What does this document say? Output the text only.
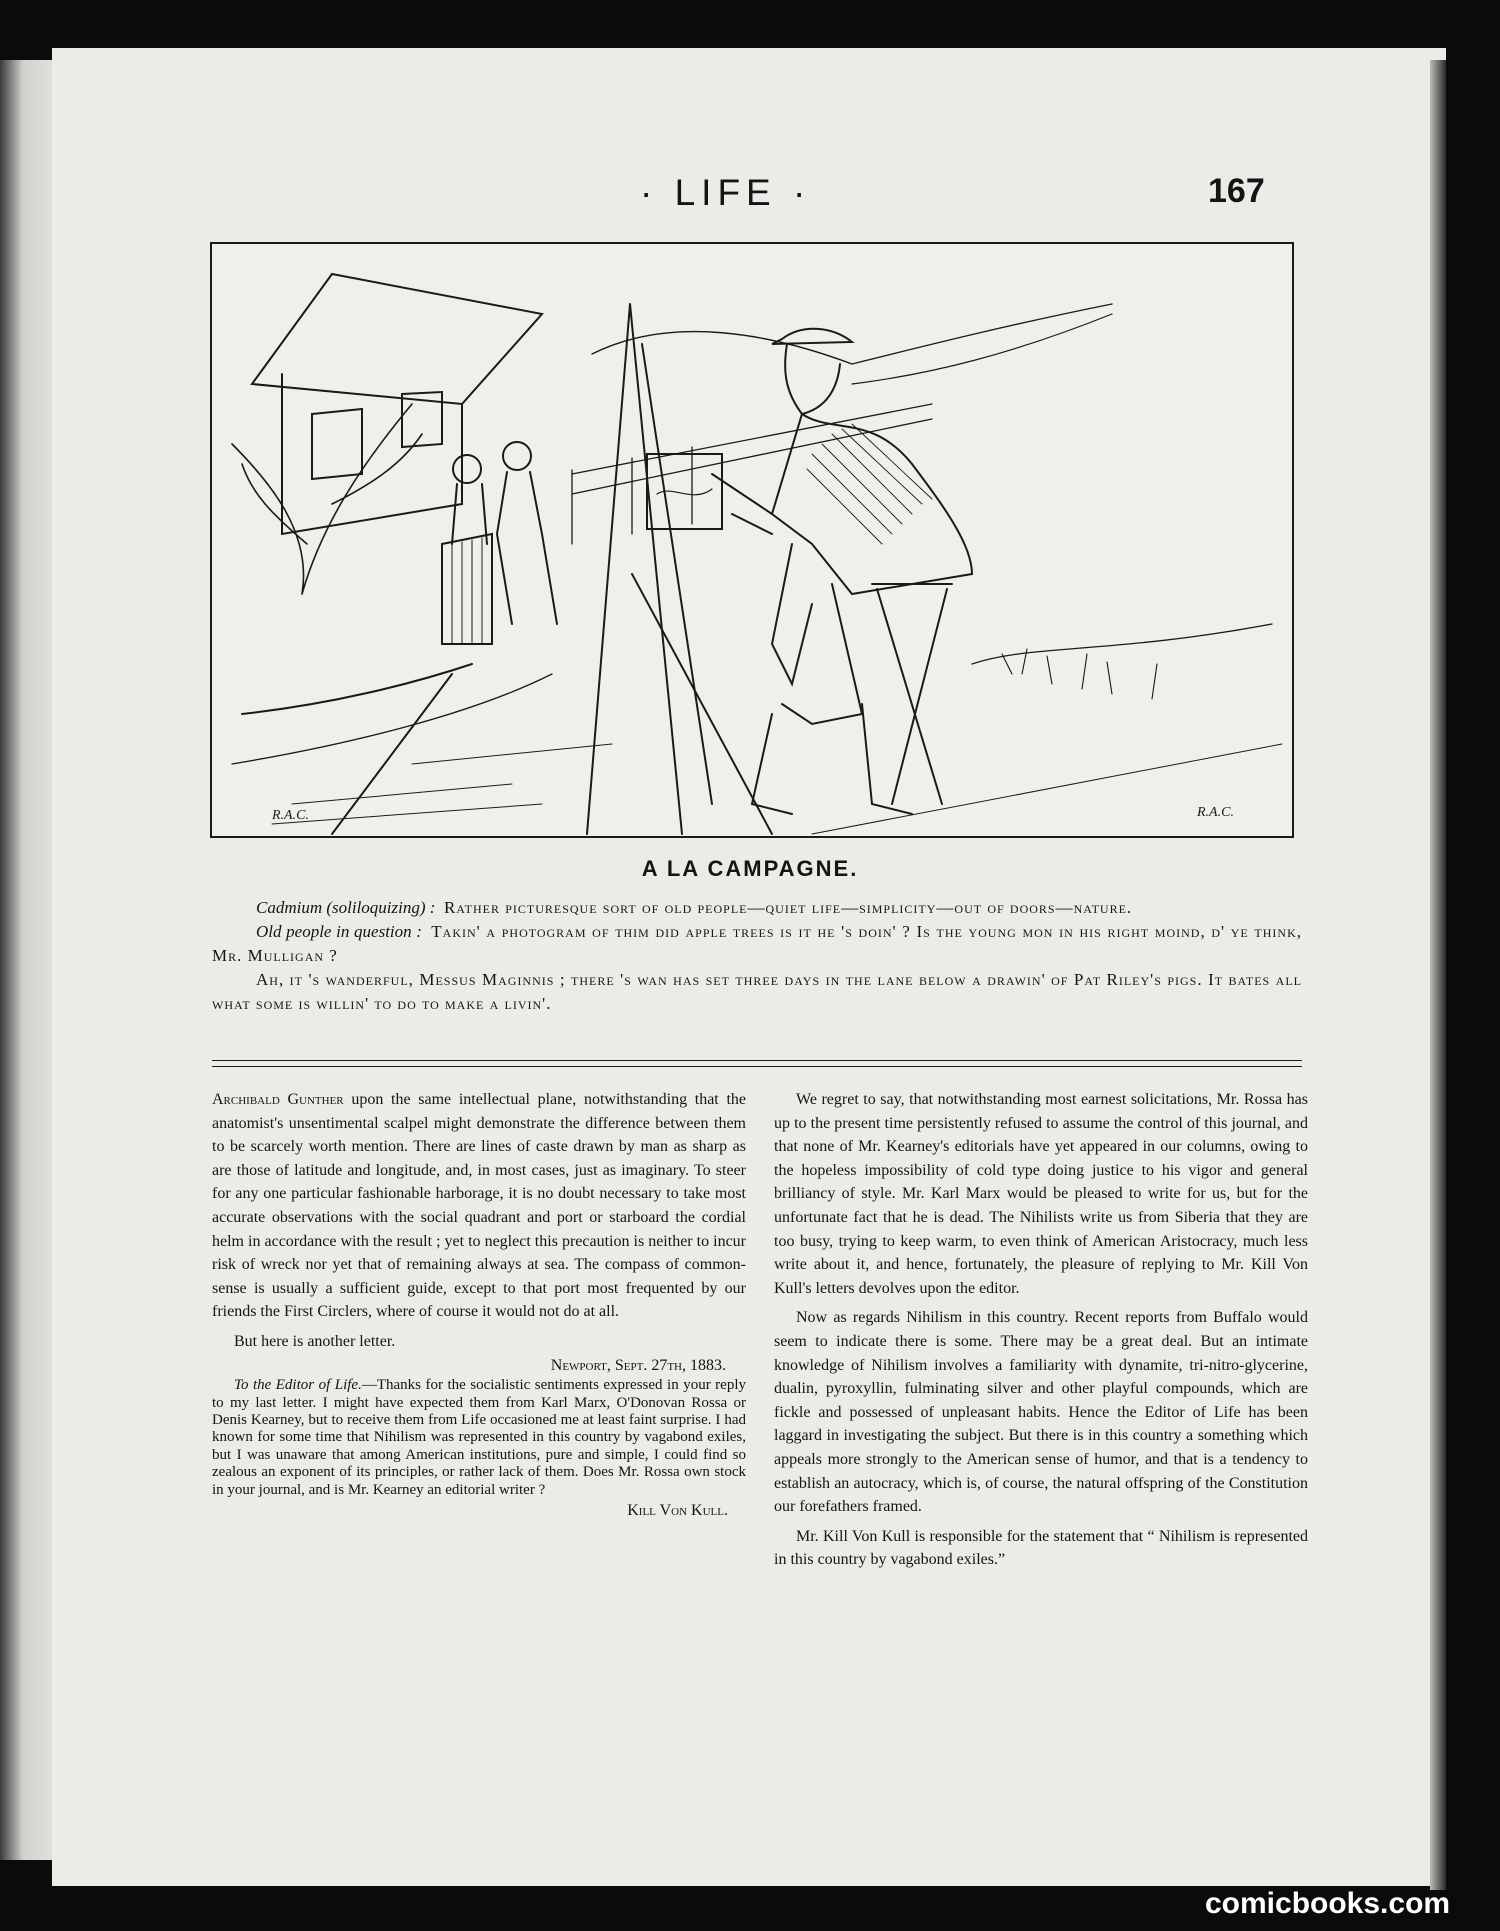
· LIFE ·	167
R.A.C.	R.A.C.
A LA CAMPAGNE.

Cadmium (soliloquizing) : Rather picturesque sort of old people—quiet life—simplicity—out of doors—nature.

Old people in question : Takin' a photogram of thim did apple trees is it he 's doin' ? Is the young mon in his right moind, d' ye think, Mr. Mulligan ?

Ah, it 's wanderful, Messus Maginnis ; there 's wan has set three days in the lane below a drawin' of Pat Riley's pigs. It bates all what some is willin' to do to make a livin'.

Archibald Gunther upon the same intellectual plane, notwithstanding that the anatomist's unsentimental scalpel might demonstrate the difference between them to be scarcely worth mention. There are lines of caste drawn by man as sharp as are those of latitude and longitude, and, in most cases, just as imaginary. To steer for any one particular fashionable harborage, it is no doubt necessary to take most accurate observations with the social quadrant and port or starboard the cordial helm in accordance with the result ; yet to neglect this precaution is neither to incur risk of wreck nor yet that of remaining always at sea. The compass of common-sense is usually a sufficient guide, except to that port most frequented by our friends the First Circlers, where of course it would not do at all.

But here is another letter.

Newport, Sept. 27th, 1883.

To the Editor of Life.—Thanks for the socialistic sentiments expressed in your reply to my last letter. I might have expected them from Karl Marx, O'Donovan Rossa or Denis Kearney, but to receive them from Life occasioned me at least faint surprise. I had known for some time that Nihilism was represented in this country by vagabond exiles, but I was unaware that among American institutions, pure and simple, I could find so zealous an exponent of its principles, or rather lack of them. Does Mr. Rossa own stock in your journal, and is Mr. Kearney an editorial writer ?

Kill Von Kull.

We regret to say, that notwithstanding most earnest solicitations, Mr. Rossa has up to the present time persistently refused to assume the control of this journal, and that none of Mr. Kearney's editorials have yet appeared in our columns, owing to the hopeless impossibility of cold type doing justice to his vigor and general brilliancy of style. Mr. Karl Marx would be pleased to write for us, but for the unfortunate fact that he is dead. The Nihilists write us from Siberia that they are too busy, trying to keep warm, to even think of American Aristocracy, much less write about it, and hence, fortunately, the pleasure of replying to Mr. Kill Von Kull's letters devolves upon the editor.

Now as regards Nihilism in this country. Recent reports from Buffalo would seem to indicate there is some. There may be a great deal. But an intimate knowledge of Nihilism involves a familiarity with dynamite, tri-nitro-glycerine, dualin, pyroxyllin, fulminating silver and other playful compounds, which are fickle and possessed of unpleasant habits. Hence the Editor of Life has been laggard in investigating the subject. But there is in this country a something which appeals more strongly to the American sense of humor, and that is a tendency to establish an autocracy, which is, of course, the natural offspring of the Constitution our forefathers framed.

Mr. Kill Von Kull is responsible for the statement that “ Nihilism is represented in this country by vagabond exiles.”

comicbooks.com
